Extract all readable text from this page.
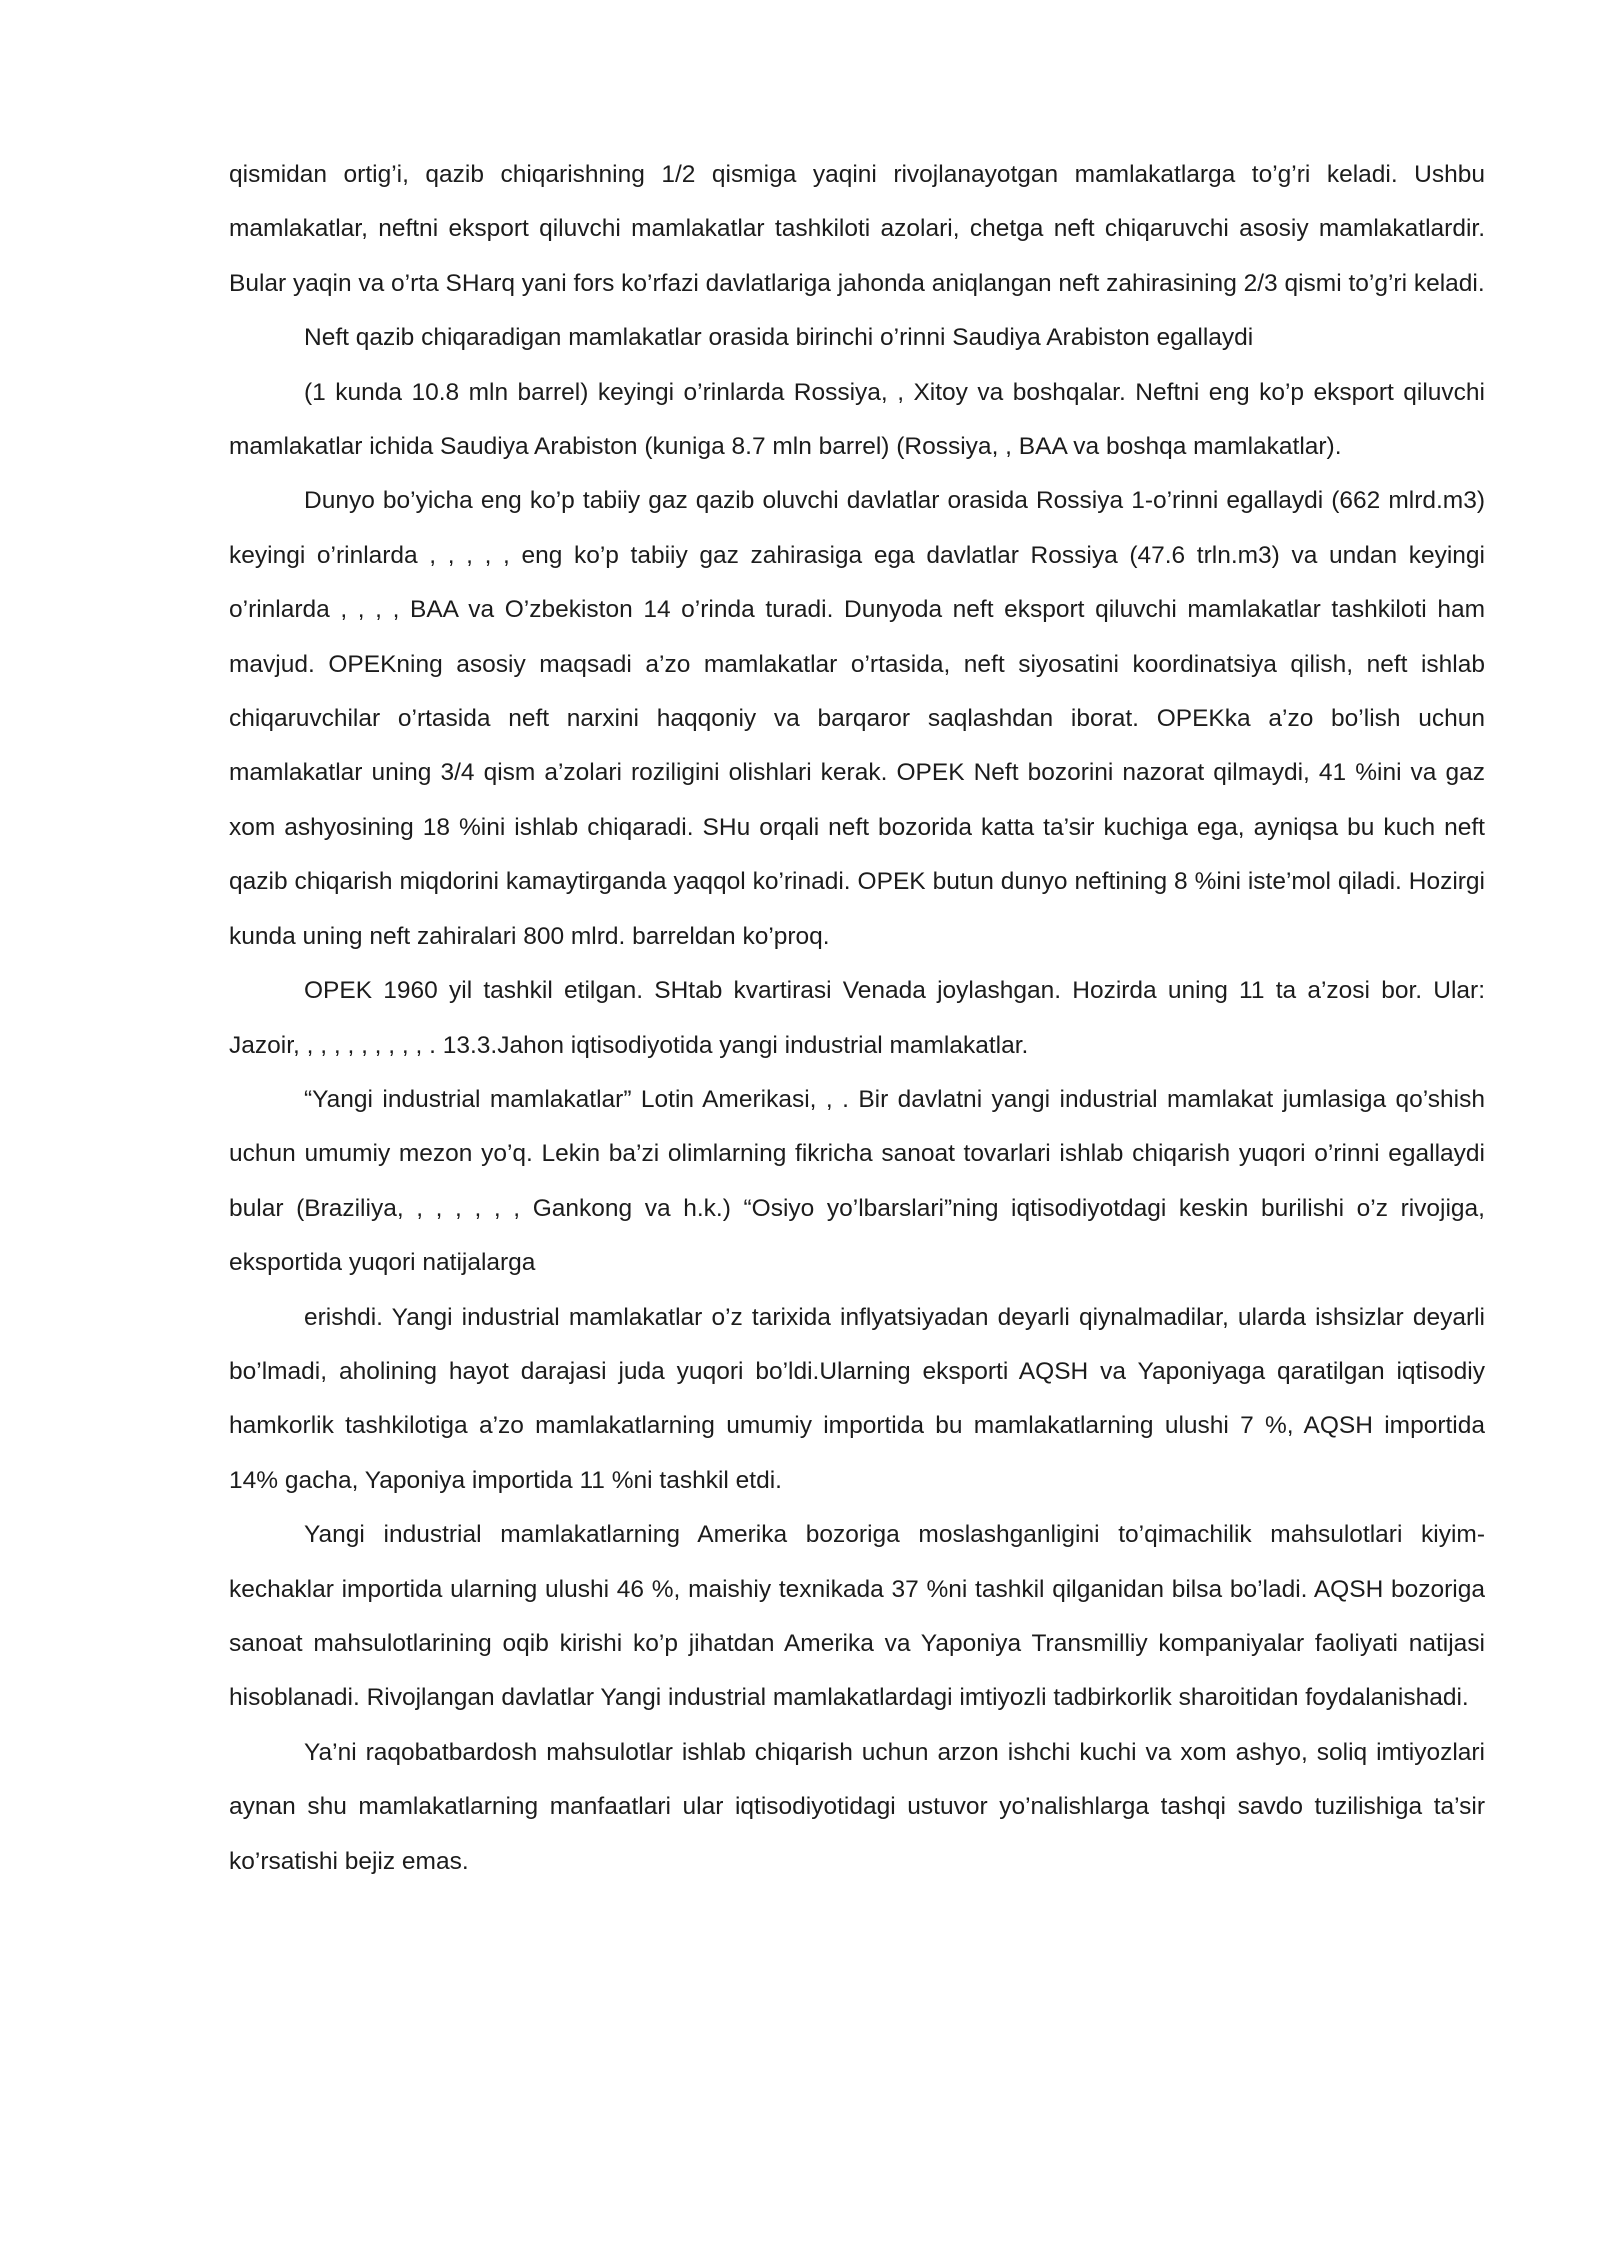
qismidan ortig’i, qazib chiqarishning 1/2 qismiga yaqini rivojlanayotgan mamlakatlarga to’g’ri keladi. Ushbu mamlakatlar, neftni eksport qiluvchi mamlakatlar tashkiloti azolari, chetga neft chiqaruvchi asosiy mamlakatlardir. Bular yaqin va o’rta SHarq yani fors ko’rfazi davlatlariga jahonda aniqlangan neft zahirasining 2/3 qismi to’g’ri keladi.

Neft qazib chiqaradigan mamlakatlar orasida birinchi o’rinni Saudiya Arabiston egallaydi

(1 kunda 10.8 mln barrel) keyingi o’rinlarda Rossiya, , Xitoy va boshqalar. Neftni eng ko’p eksport qiluvchi mamlakatlar ichida Saudiya Arabiston (kuniga 8.7 mln barrel) (Rossiya, , BAA va boshqa mamlakatlar).

Dunyo bo’yicha eng ko’p tabiiy gaz qazib oluvchi davlatlar orasida Rossiya 1-o’rinni egallaydi (662 mlrd.m3) keyingi o’rinlarda , , , , , eng ko’p tabiiy gaz zahirasiga ega davlatlar Rossiya (47.6 trln.m3) va undan keyingi o’rinlarda , , , , BAA va O’zbekiston 14 o’rinda turadi. Dunyoda neft eksport qiluvchi mamlakatlar tashkiloti ham mavjud. OPEKning asosiy maqsadi a’zo mamlakatlar o’rtasida, neft siyosatini koordinatsiya qilish, neft ishlab chiqaruvchilar o’rtasida neft narxini haqqoniy va barqaror saqlashdan iborat. OPEKka a’zo bo’lish uchun mamlakatlar uning 3/4 qism a’zolari roziligini olishlari kerak. OPEK Neft bozorini nazorat qilmaydi, 41 %ini va gaz xom ashyosining 18 %ini ishlab chiqaradi. SHu orqali neft bozorida katta ta’sir kuchiga ega, ayniqsa bu kuch neft qazib chiqarish miqdorini kamaytirganda yaqqol ko’rinadi. OPEK butun dunyo neftining 8 %ini iste’mol qiladi. Hozirgi kunda uning neft zahiralari 800 mlrd. barreldan ko’proq.

OPEK 1960 yil tashkil etilgan. SHtab kvartirasi Venada joylashgan. Hozirda uning 11 ta a’zosi bor. Ular: Jazoir, , , , , , , , , , . 13.3.Jahon iqtisodiyotida yangi industrial mamlakatlar.

“Yangi industrial mamlakatlar” Lotin Amerikasi, , . Bir davlatni yangi industrial mamlakat jumlasiga qo’shish uchun umumiy mezon yo’q. Lekin ba’zi olimlarning fikricha sanoat tovarlari ishlab chiqarish yuqori o’rinni egallaydi bular (Braziliya, , , , , , , Gankong va h.k.) “Osiyo yo’lbarslari”ning iqtisodiyotdagi keskin burilishi o’z rivojiga, eksportida yuqori natijalarga

erishdi. Yangi industrial mamlakatlar o’z tarixida inflyatsiyadan deyarli qiynalmadilar, ularda ishsizlar deyarli bo’lmadi, aholining hayot darajasi juda yuqori bo’ldi.Ularning eksporti AQSH va Yaponiyaga qaratilgan iqtisodiy hamkorlik tashkilotiga a’zo mamlakatlarning umumiy importida bu mamlakatlarning ulushi 7 %, AQSH importida 14% gacha, Yaponiya importida 11 %ni tashkil etdi.

Yangi industrial mamlakatlarning Amerika bozoriga moslashganligini to’qimachilik mahsulotlari kiyim-kechaklar importida ularning ulushi 46 %, maishiy texnikada 37 %ni tashkil qilganidan bilsa bo’ladi. AQSH bozoriga sanoat mahsulotlarining oqib kirishi ko’p jihatdan Amerika va Yaponiya Transmilliy kompaniyalar faoliyati natijasi hisoblanadi. Rivojlangan davlatlar Yangi industrial mamlakatlardagi imtiyozli tadbirkorlik sharoitidan foydalanishadi.

Ya’ni raqobatbardosh mahsulotlar ishlab chiqarish uchun arzon ishchi kuchi va xom ashyo, soliq imtiyozlari aynan shu mamlakatlarning manfaatlari ular iqtisodiyotidagi ustuvor yo’nalishlarga tashqi savdo tuzilishiga ta’sir ko’rsatishi bejiz emas.
